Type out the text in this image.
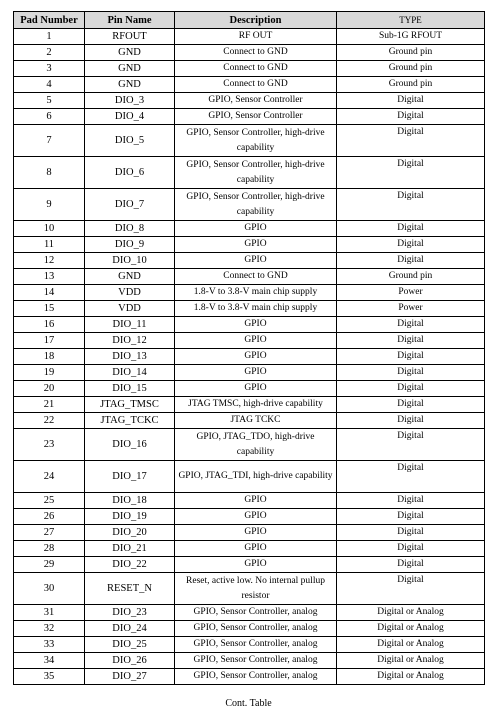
Pad Number	Pin Name	Description	TYPE
1	RFOUT	RF OUT	Sub-1G RFOUT
2	GND	Connect to GND	Ground pin
3	GND	Connect to GND	Ground pin
4	GND	Connect to GND	Ground pin
5	DIO_3	GPIO, Sensor Controller	Digital
6	DIO_4	GPIO, Sensor Controller	Digital
7	DIO_5	GPIO, Sensor Controller, high-drive capability	Digital
8	DIO_6	GPIO, Sensor Controller, high-drive capability	Digital
9	DIO_7	GPIO, Sensor Controller, high-drive capability	Digital
10	DIO_8	GPIO	Digital
11	DIO_9	GPIO	Digital
12	DIO_10	GPIO	Digital
13	GND	Connect to GND	Ground pin
14	VDD	1.8-V to 3.8-V main chip supply	Power
15	VDD	1.8-V to 3.8-V main chip supply	Power
16	DIO_11	GPIO	Digital
17	DIO_12	GPIO	Digital
18	DIO_13	GPIO	Digital
19	DIO_14	GPIO	Digital
20	DIO_15	GPIO	Digital
21	JTAG_TMSC	JTAG TMSC, high-drive capability	Digital
22	JTAG_TCKC	JTAG TCKC	Digital
23	DIO_16	GPIO, JTAG_TDO, high-drive capability	Digital
24	DIO_17	GPIO, JTAG_TDI, high-drive capability	Digital
25	DIO_18	GPIO	Digital
26	DIO_19	GPIO	Digital
27	DIO_20	GPIO	Digital
28	DIO_21	GPIO	Digital
29	DIO_22	GPIO	Digital
30	RESET_N	Reset, active low. No internal pullup resistor	Digital
31	DIO_23	GPIO, Sensor Controller, analog	Digital or Analog
32	DIO_24	GPIO, Sensor Controller, analog	Digital or Analog
33	DIO_25	GPIO, Sensor Controller, analog	Digital or Analog
34	DIO_26	GPIO, Sensor Controller, analog	Digital or Analog
35	DIO_27	GPIO, Sensor Controller, analog	Digital or Analog
Cont. Table
